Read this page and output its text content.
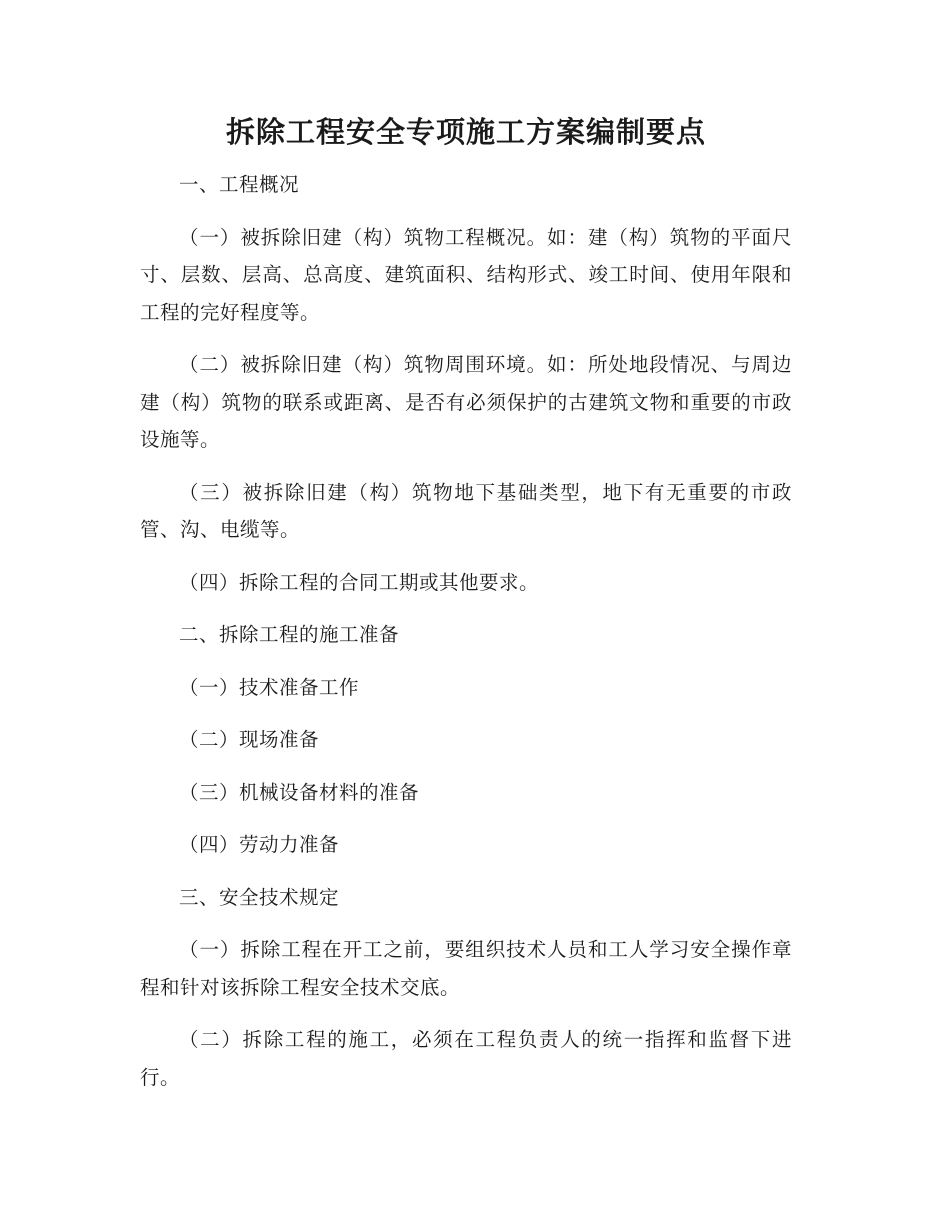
拆除工程安全专项施工方案编制要点

一、工程概况

（一）被拆除旧建（构）筑物工程概况。如：建（构）筑物的平面尺寸、层数、层高、总高度、建筑面积、结构形式、竣工时间、使用年限和工程的完好程度等。

（二）被拆除旧建（构）筑物周围环境。如：所处地段情况、与周边建（构）筑物的联系或距离、是否有必须保护的古建筑文物和重要的市政设施等。

（三）被拆除旧建（构）筑物地下基础类型，地下有无重要的市政管、沟、电缆等。

（四）拆除工程的合同工期或其他要求。

二、拆除工程的施工准备

（一）技术准备工作

（二）现场准备

（三）机械设备材料的准备

（四）劳动力准备

三、安全技术规定

（一）拆除工程在开工之前，要组织技术人员和工人学习安全操作章程和针对该拆除工程安全技术交底。

（二）拆除工程的施工，必须在工程负责人的统一指挥和监督下进行。
